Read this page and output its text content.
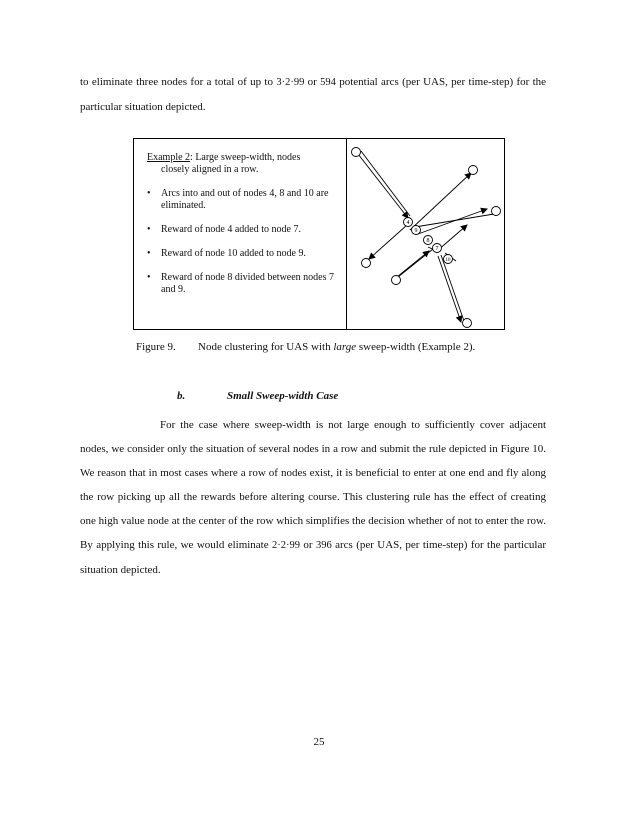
to eliminate three nodes for a total of up to 3·2·99 or 594 potential arcs (per UAS, per time-step) for the particular situation depicted.

Example 2: Large sweep-width, nodes
closely aligned in a row.
• Arcs into and out of nodes 4, 8 and 10 are eliminated.
• Reward of node 4 added to node 7.
• Reward of node 10 added to node 9.
• Reward of node 8 divided between nodes 7 and 9.
4
9
8
7
10
Figure 9. Node clustering for UAS with large sweep-width (Example 2).
b.	Small Sweep-width Case

For the case where sweep-width is not large enough to sufficiently cover adjacent nodes, we consider only the situation of several nodes in a row and submit the rule depicted in Figure 10. We reason that in most cases where a row of nodes exist, it is beneficial to enter at one end and fly along the row picking up all the rewards before altering course. This clustering rule has the effect of creating one high value node at the center of the row which simplifies the decision whether of not to enter the row. By applying this rule, we would eliminate 2·2·99 or 396 arcs (per UAS, per time-step) for the particular situation depicted.

25
